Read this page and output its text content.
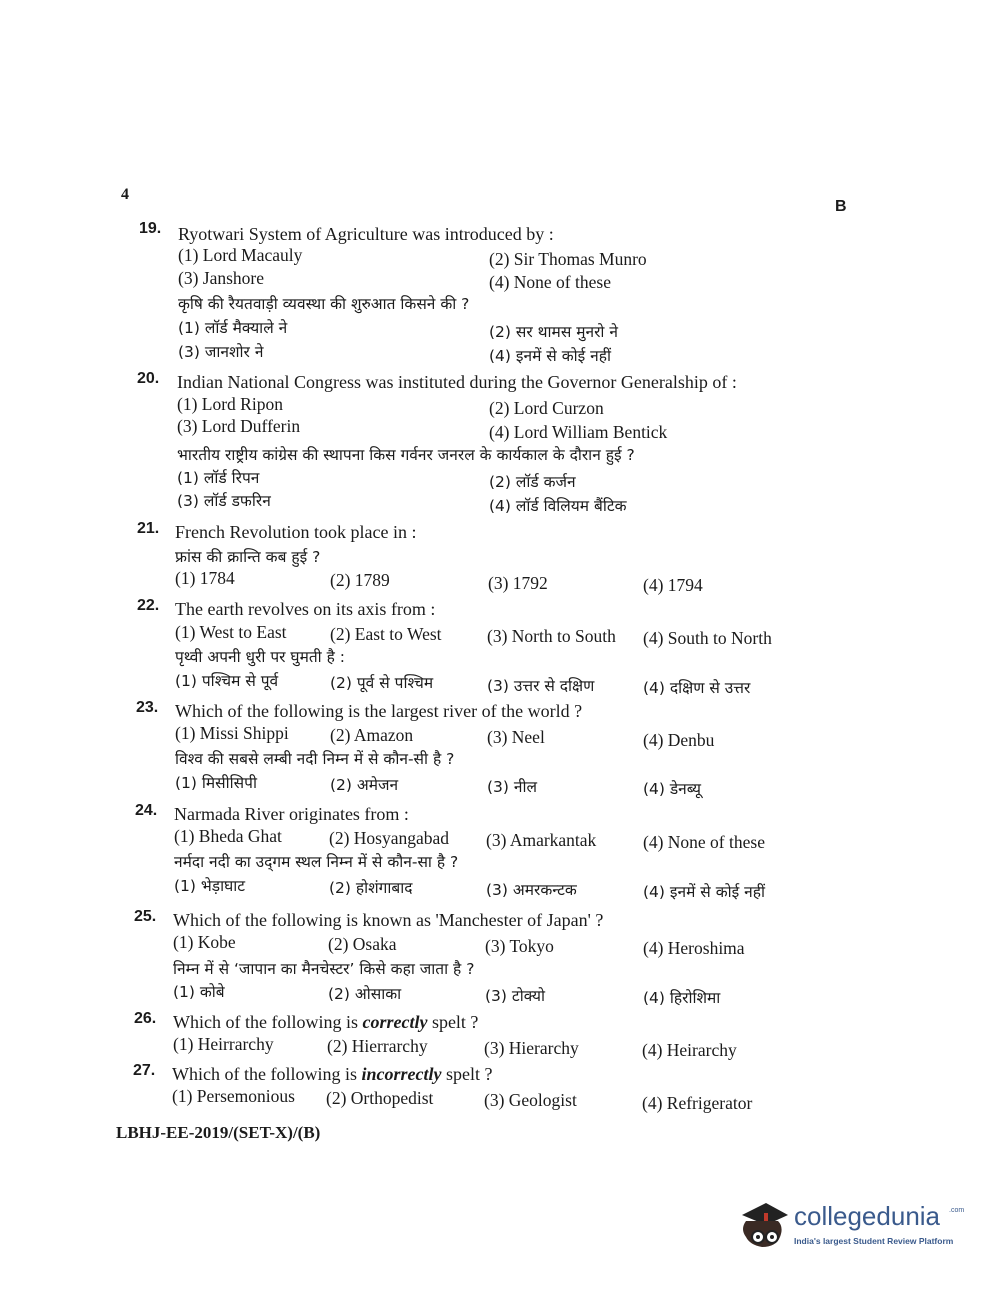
4
B
19. Ryotwari System of Agriculture was introduced by :
(1) Lord Macauly	(2) Sir Thomas Munro
(3) Janshore	(4) None of these
कृषि की रैयतवाड़ी व्यवस्था की शुरुआत किसने की ?
(1) लॉर्ड मैक्याले ने	(2) सर थामस मुनरो ने
(3) जानशोर ने	(4) इनमें से कोई नहीं
20. Indian National Congress was instituted during the Governor Generalship of :
(1) Lord Ripon	(2) Lord Curzon
(3) Lord Dufferin	(4) Lord William Bentick
भारतीय राष्ट्रीय कांग्रेस की स्थापना किस गर्वनर जनरल के कार्यकाल के दौरान हुई ?
(1) लॉर्ड रिपन	(2) लॉर्ड कर्जन
(3) लॉर्ड डफरिन	(4) लॉर्ड विलियम बैंटिक
21. French Revolution took place in :
फ्रांस की क्रान्ति कब हुई ?
(1) 1784	(2) 1789	(3) 1792	(4) 1794
22. The earth revolves on its axis from :
(1) West to East (2) East to West	(3) North to South (4) South to North
पृथ्वी अपनी धुरी पर घुमती है :
(1) पश्चिम से पूर्व	(2) पूर्व से पश्चिम	(3) उत्तर से दक्षिण	(4) दक्षिण से उत्तर
23. Which of the following is the largest river of the world ?
(1) Missi Shippi (2) Amazon	(3) Neel	(4) Denbu
विश्व की सबसे लम्बी नदी निम्न में से कौन-सी है ?
(1) मिसीसिपी	(2) अमेजन	(3) नील	(4) डेनब्यू
24. Narmada River originates from :
(1) Bheda Ghat	(2) Hosyangabad (3) Amarkantak	(4) None of these
नर्मदा नदी का उद्‌गम स्थल निम्न में से कौन-सा है ?
(1) भेड़ाघाट	(2) होशंगाबाद	(3) अमरकन्टक	(4) इनमें से कोई नहीं
25. Which of the following is known as 'Manchester of Japan' ?
(1) Kobe	(2) Osaka	(3) Tokyo	(4) Heroshima
निम्न में से ‘जापान का मैनचेस्टर’ किसे कहा जाता है ?
(1) कोबे	(2) ओसाका	(3) टोक्यो	(4) हिरोशिमा
26. Which of the following is correctly spelt ?
(1) Heirrarchy	(2) Hierrarchy	(3) Hierarchy	(4) Heirarchy
27. Which of the following is incorrectly spelt ?
(1) Persemonious (2) Orthopedist	(3) Geologist	(4) Refrigerator
LBHJ-EE-2019/(SET-X)/(B)
collegedunia .com
India's largest Student Review Platform
